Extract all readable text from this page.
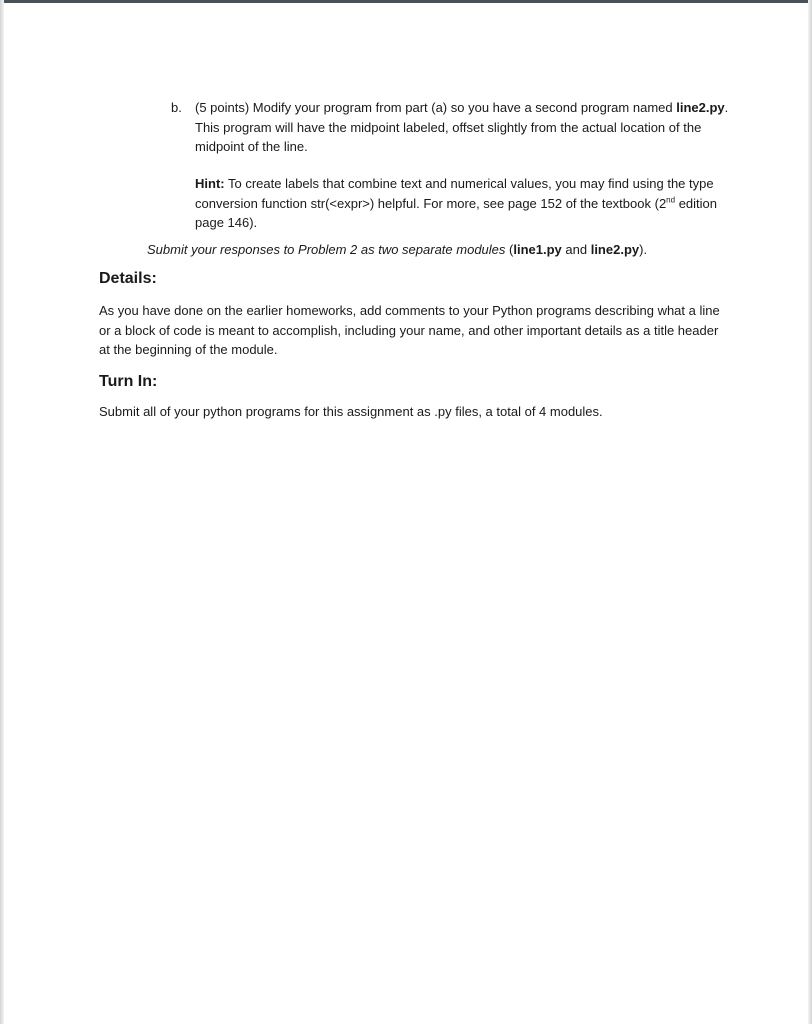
b. (5 points) Modify your program from part (a) so you have a second program named line2.py. This program will have the midpoint labeled, offset slightly from the actual location of the midpoint of the line.
Hint: To create labels that combine text and numerical values, you may find using the type conversion function str(<expr>) helpful. For more, see page 152 of the textbook (2nd edition page 146).
Submit your responses to Problem 2 as two separate modules (line1.py and line2.py).
Details:
As you have done on the earlier homeworks, add comments to your Python programs describing what a line or a block of code is meant to accomplish, including your name, and other important details as a title header at the beginning of the module.
Turn In:
Submit all of your python programs for this assignment as .py files, a total of 4 modules.
